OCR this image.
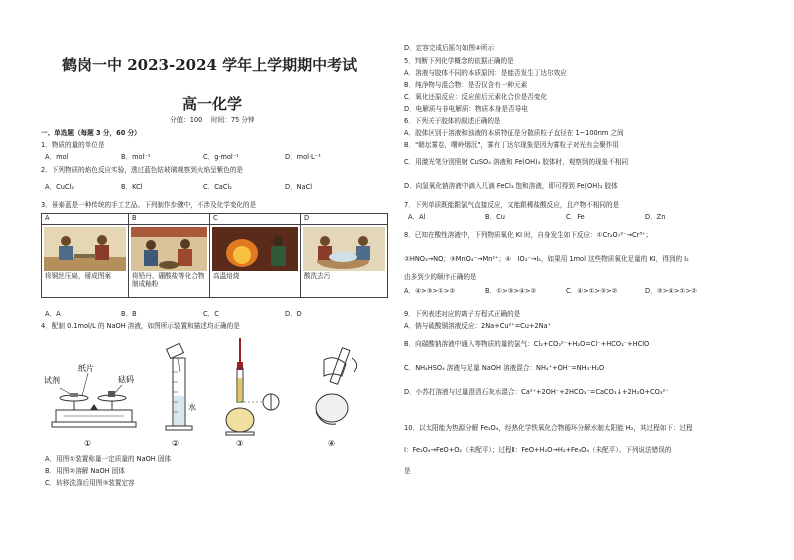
鹤岗一中 2023-2024 学年上学期期中考试
高一化学
分值：100　 时间：75 分钟
一、单选题（每题 3 分，60 分）
1．物质的量的单位是
A．mol	B．mol⁻¹	C．g·mol⁻¹	D．mol·L⁻¹
2．下列物质的焰色反应实验，透过蓝色钴玻璃观察到火焰呈紫色的是
A．CuCl₂	B．KCl	C．CaCl₂	D．NaCl
3．景泰蓝是一种传统的手工艺品。下列制作步骤中，不涉及化学变化的是
A	B	C	D

将铜丝压扁，掰成图案	将铅丹、硼酸盐等化合物制成釉粉	高温焙烧	酸洗去污
A．A	B．B	C．C	D．D
4．配制 0.1mol/L 的 NaOH 溶液，如图所示装置和描述均正确的是
试剂
纸片
砝码
①
水
②	③	④
A．用图①装置称量一定质量的 NaOH 固体
B．用图②溶解 NaOH 固体
C．转移洗涤后用图③装置定容
D．定容完成后摇匀如图④所示
5．判断下列化学概念的依据正确的是
A．溶液与胶体不同的本质原因：是能否发生丁达尔效应
B．纯净物与混合物：是否仅含有一种元素
C．氧化还原反应：反应前后元素化合价是否变化
D．电解质与非电解质：物质本身是否导电
6．下列关于胶体的叙述正确的是
A．胶体区别于溶液和浊液的本质特征是分散质粒子直径在 1~100nm 之间
B．"朝坛雾卷，曙岭烟沉"，雾有丁达尔现象是因为雾粒子对光有会聚作用
C．用激光笔分别照射 CuSO₄ 溶液和 Fe(OH)₃ 胶体时，观察到的现象不相同
D．向氢氧化钠溶液中滴入几滴 FeCl₃ 饱和溶液，即可得到 Fe(OH)₃ 胶体
7．下列单质既能跟氯气直接反应，又能跟稀盐酸反应，且产物不相同的是
A．Al	B．Cu	C．Fe	D．Zn
8．已知在酸性溶液中，下列物质氧化 KI 时，自身发生如下反应：①Cr₂O₇²⁻→Cr³⁺；
②HNO₃→NO；③MnO₄⁻→Mn²⁺；④　IO₃⁻→I₂，如果用 1mol 这些物质氧化足量的 KI，得到的 I₂
由多到少的顺序正确的是
A．④>③>①>②	B．①>③>④>②	C．④>①>③>②	D．③>④>①>②
9．下列表述对应的离子方程式正确的是
A．钠与硫酸铜溶液反应：2Na+Cu²⁺=Cu+2Na⁺
B．向碳酸钠溶液中通入等物质的量的氯气：Cl₂+CO₃²⁻+H₂O=Cl⁻+HCO₃⁻+HClO
C．NH₄HSO₄ 溶液与足量 NaOH 溶液混合：NH₄⁺+OH⁻=NH₃·H₂O
D．小苏打溶液与过量澄清石灰水混合：Ca²⁺+2OH⁻+2HCO₃⁻=CaCO₃↓+2H₂O+CO₃²⁻
10．以太阳能为热源分解 Fe₃O₄，经热化学铁氧化合物循环分解水制太阳能 H₂，其过程如下：过程
Ⅰ：Fe₃O₄→FeO+O₂（未配平）；过程Ⅱ：FeO+H₂O→H₂+Fe₃O₄（未配平）。下列说法错误的
是
